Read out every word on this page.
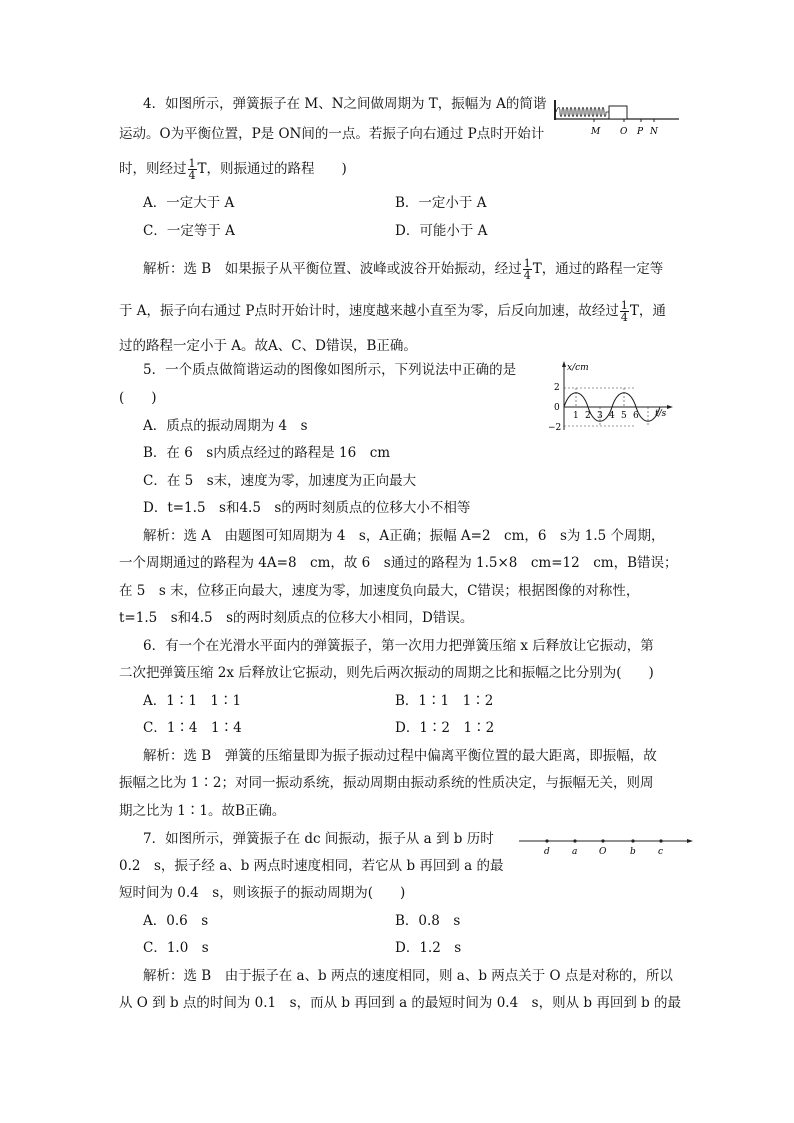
4．如图所示，弹簧振子在 M、N之间做周期为 T，振幅为 A的简谐
运动。O为平衡位置，P是 ON间的一点。若振子向右通过 P点时开始计
时，则经过 $\frac{1}{4}$ T，则振通过的路程　　)
A．一定大于 A	B．一定小于 A
C．一定等于 A	D．可能小于 A
解析：选 B　如果振子从平衡位置、波峰或波谷开始振动，经过 $\frac{1}{4}$ T，通过的路程一定等
于 A，振子向右通过 P点时开始计时，速度越来越小直至为零，后反向加速，故经过 $\frac{1}{4}$ T，通
过的路程一定小于 A。故A、C、D错误，B正确。
M O P N
5．一个质点做简谐运动的图像如图所示，下列说法中正确的是
(　　)
A．质点的振动周期为 4　s
B．在 6　s内质点经过的路程是 16　cm
C．在 5　s末，速度为零，加速度为正向最大
D．t=1.5　s和4.5　s的两时刻质点的位移大小不相等
解析：选 A　由题图可知周期为 4　s，A正确；振幅 A=2　cm，6　s为 1.5 个周期，
一个周期通过的路程为 4A=8　cm，故 6　s通过的路程为 1.5×8　cm=12　cm，B错误；
在 5　s 末，位移正向最大，速度为零，加速度负向最大，C错误；根据图像的对称性，
t=1.5　s和4.5　s的两时刻质点的位移大小相同，D错误。
x/cm
t/s
2
0
−2
1 2 3 4 5 6
6．有一个在光滑水平面内的弹簧振子，第一次用力把弹簧压缩 x 后释放让它振动，第
二次把弹簧压缩 2x 后释放让它振动，则先后两次振动的周期之比和振幅之比分别为(　　)
A．1∶1　1∶1	B．1∶1　1∶2
C．1∶4　1∶4	D．1∶2　1∶2
解析：选 B　弹簧的压缩量即为振子振动过程中偏离平衡位置的最大距离，即振幅，故
振幅之比为 1∶2；对同一振动系统，振动周期由振动系统的性质决定，与振幅无关，则周
期之比为 1∶1。故B正确。
7．如图所示，弹簧振子在 dc 间振动，振子从 a 到 b 历时
0.2　s，振子经 a、b 两点时速度相同，若它从 b 再回到 a 的最
短时间为 0.4　s，则该振子的振动周期为(　　)
A．0.6　s	B．0.8　s
C．1.0　s	D．1.2　s
解析：选 B　由于振子在 a、b 两点的速度相同，则 a、b 两点关于 O 点是对称的，所以
从 O 到 b 点的时间为 0.1　s，而从 b 再回到 a 的最短时间为 0.4　s，则从 b 再回到 b 的最
d a O	b c
